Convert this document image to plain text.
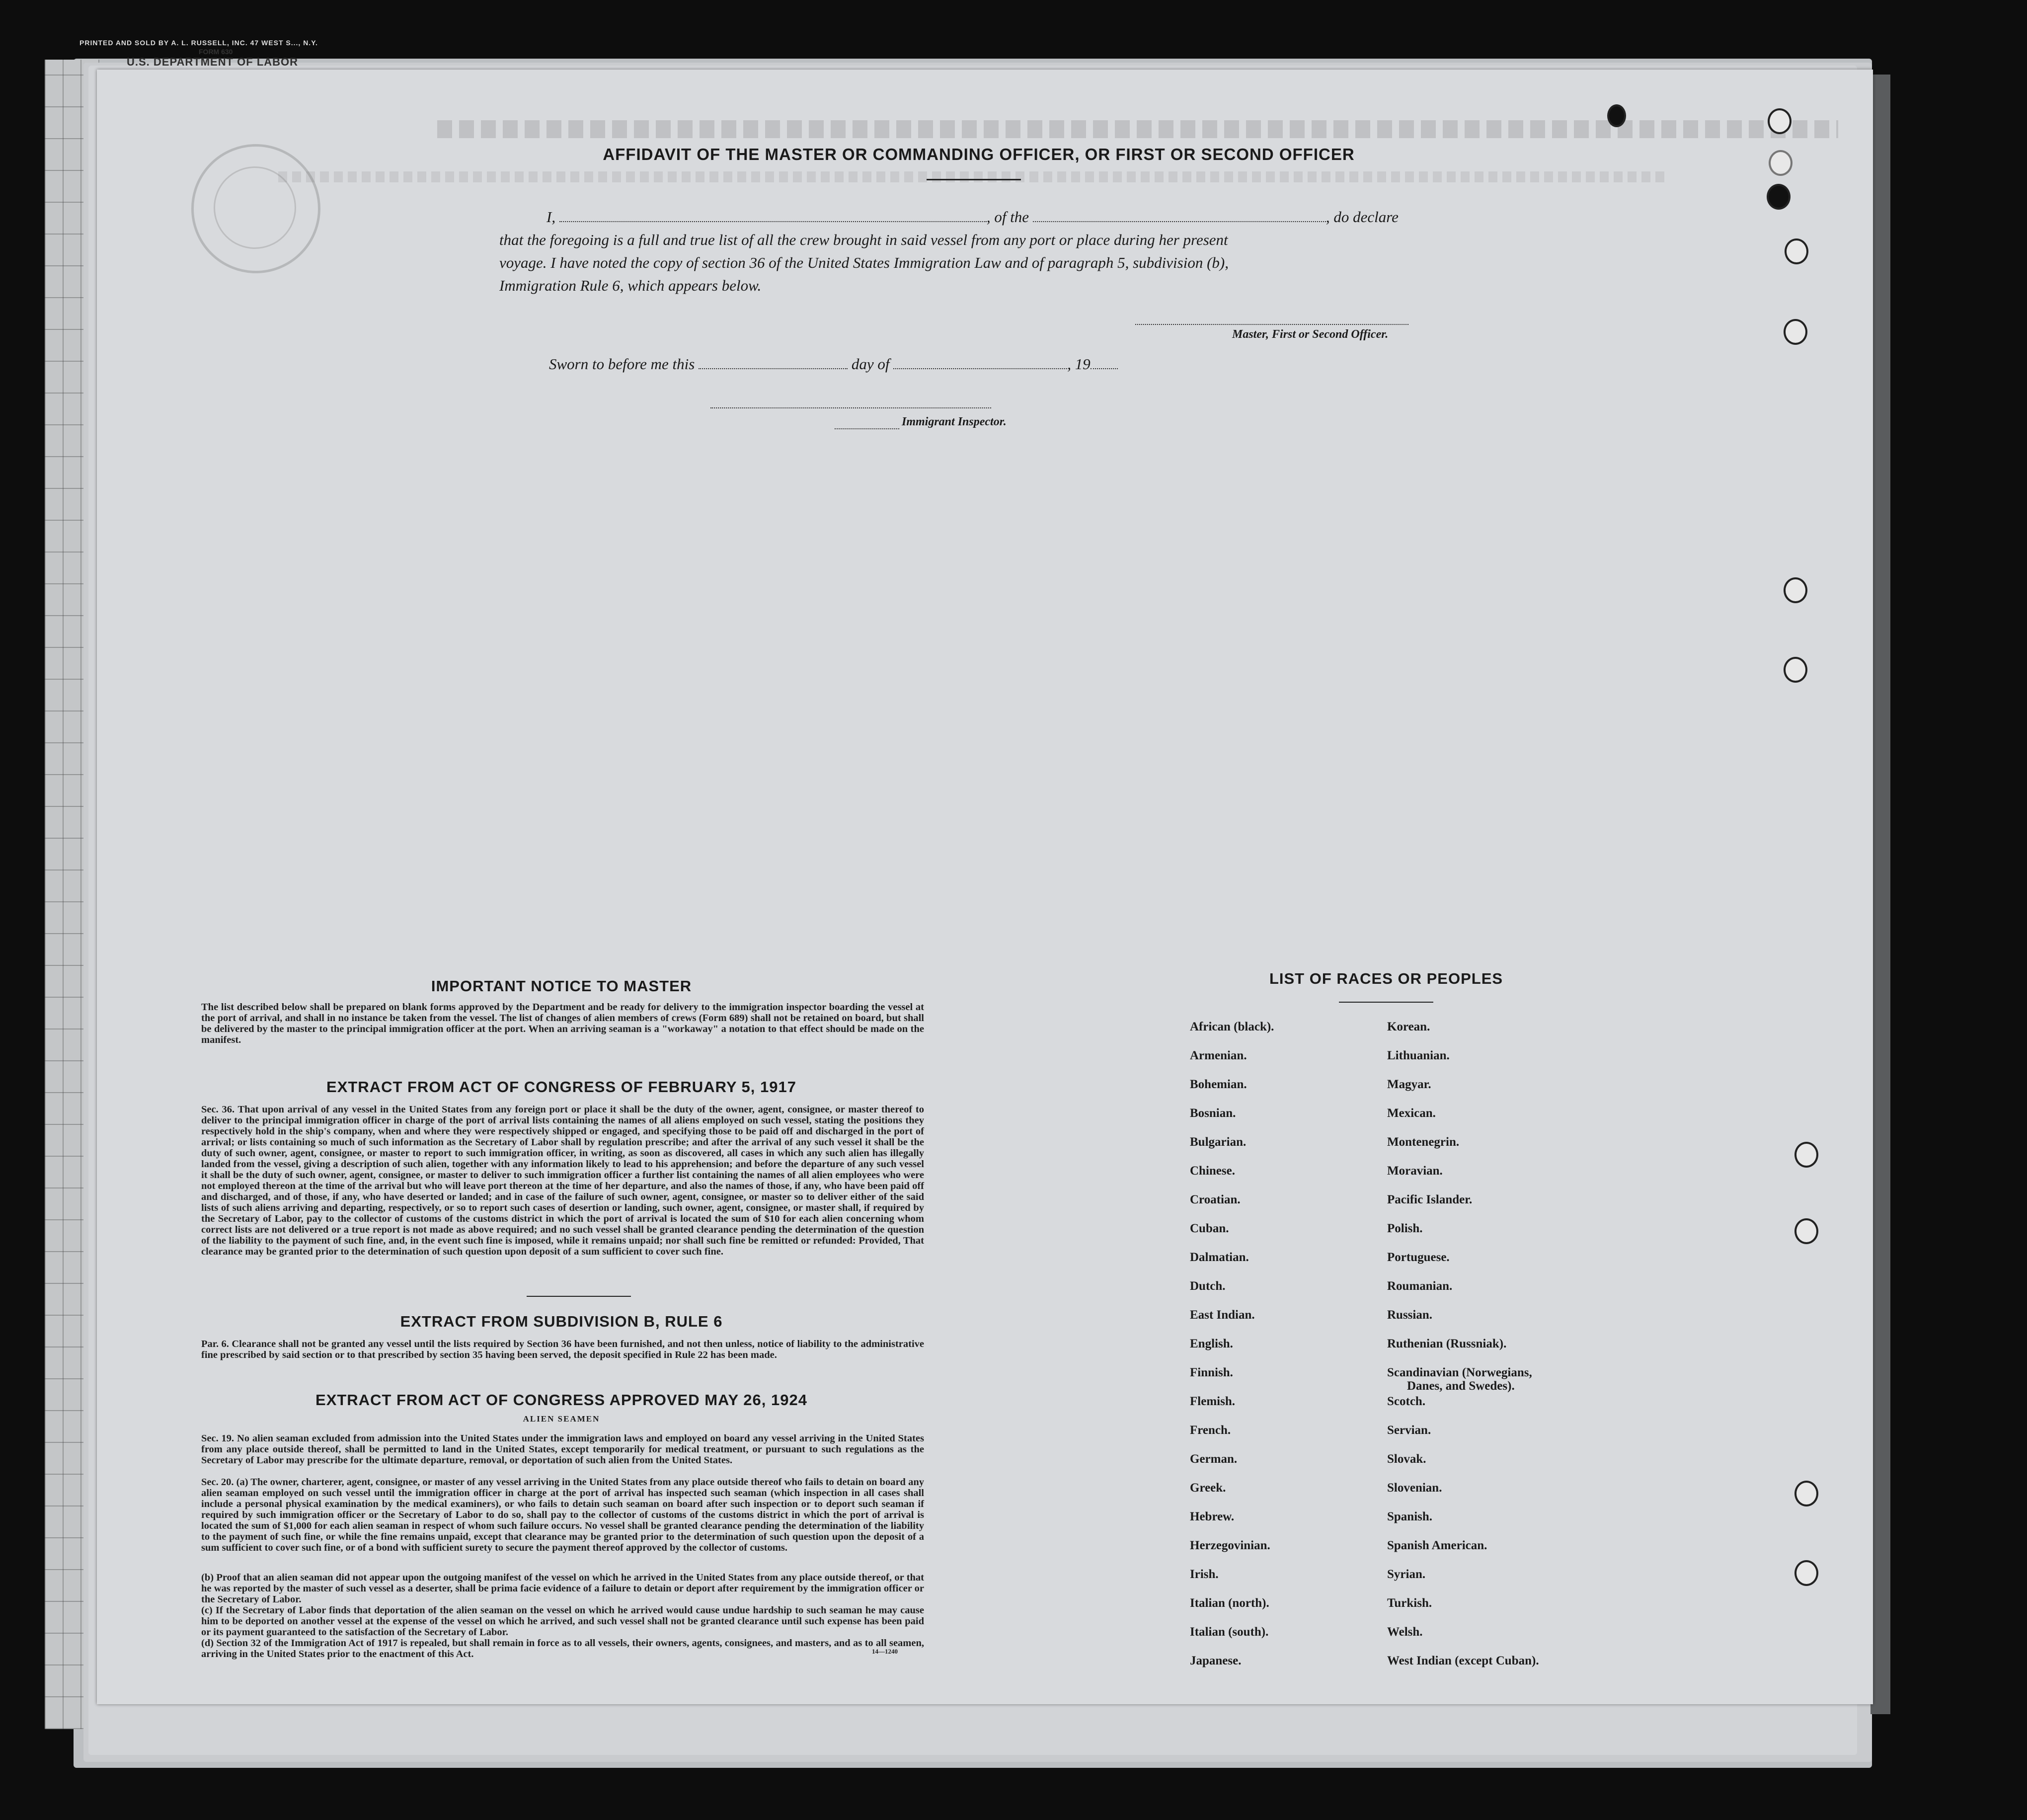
PRINTED AND SOLD BY A. L. RUSSELL, INC. 47 WEST S..., N.Y.
FORM 630
U.S. DEPARTMENT OF LABOR
AFFIDAVIT OF THE MASTER OR COMMANDING OFFICER, OR FIRST OR SECOND OFFICER
I,	, of the	, do declare
that the foregoing is a full and true list of all the crew brought in said vessel from any port or place during her present
voyage. I have noted the copy of section 36 of the United States Immigration Law and of paragraph 5, subdivision (b),
Immigration Rule 6, which appears below.
Master, First or Second Officer.
Sworn to before me this	day of	, 19
Immigrant Inspector.
IMPORTANT NOTICE TO MASTER
The list described below shall be prepared on blank forms approved by the Department and be ready for delivery to the immigration inspector boarding the vessel at the port of arrival, and shall in no instance be taken from the vessel. The list of changes of alien members of crews (Form 689) shall not be retained on board, but shall be delivered by the master to the principal immigration officer at the port. When an arriving seaman is a "workaway" a notation to that effect should be made on the manifest.
EXTRACT FROM ACT OF CONGRESS OF FEBRUARY 5, 1917
Sec. 36. That upon arrival of any vessel in the United States from any foreign port or place it shall be the duty of the owner, agent, consignee, or master thereof to deliver to the principal immigration officer in charge of the port of arrival lists containing the names of all aliens employed on such vessel, stating the positions they respectively hold in the ship's company, when and where they were respectively shipped or engaged, and specifying those to be paid off and discharged in the port of arrival; or lists containing so much of such information as the Secretary of Labor shall by regulation prescribe; and after the arrival of any such vessel it shall be the duty of such owner, agent, consignee, or master to report to such immigration officer, in writing, as soon as discovered, all cases in which any such alien has illegally landed from the vessel, giving a description of such alien, together with any information likely to lead to his apprehension; and before the departure of any such vessel it shall be the duty of such owner, agent, consignee, or master to deliver to such immigration officer a further list containing the names of all alien employees who were not employed thereon at the time of the arrival but who will leave port thereon at the time of her departure, and also the names of those, if any, who have been paid off and discharged, and of those, if any, who have deserted or landed; and in case of the failure of such owner, agent, consignee, or master so to deliver either of the said lists of such aliens arriving and departing, respectively, or so to report such cases of desertion or landing, such owner, agent, consignee, or master shall, if required by the Secretary of Labor, pay to the collector of customs of the customs district in which the port of arrival is located the sum of $10 for each alien concerning whom correct lists are not delivered or a true report is not made as above required; and no such vessel shall be granted clearance pending the determination of the question of the liability to the payment of such fine, and, in the event such fine is imposed, while it remains unpaid; nor shall such fine be remitted or refunded: Provided, That clearance may be granted prior to the determination of such question upon deposit of a sum sufficient to cover such fine.
EXTRACT FROM SUBDIVISION B, RULE 6
Par. 6. Clearance shall not be granted any vessel until the lists required by Section 36 have been furnished, and not then unless, notice of liability to the administrative fine prescribed by said section or to that prescribed by section 35 having been served, the deposit specified in Rule 22 has been made.
EXTRACT FROM ACT OF CONGRESS APPROVED MAY 26, 1924
ALIEN SEAMEN
Sec. 19. No alien seaman excluded from admission into the United States under the immigration laws and employed on board any vessel arriving in the United States from any place outside thereof, shall be permitted to land in the United States, except temporarily for medical treatment, or pursuant to such regulations as the Secretary of Labor may prescribe for the ultimate departure, removal, or deportation of such alien from the United States.
Sec. 20. (a) The owner, charterer, agent, consignee, or master of any vessel arriving in the United States from any place outside thereof who fails to detain on board any alien seaman employed on such vessel until the immigration officer in charge at the port of arrival has inspected such seaman (which inspection in all cases shall include a personal physical examination by the medical examiners), or who fails to detain such seaman on board after such inspection or to deport such seaman if required by such immigration officer or the Secretary of Labor to do so, shall pay to the collector of customs of the customs district in which the port of arrival is located the sum of $1,000 for each alien seaman in respect of whom such failure occurs. No vessel shall be granted clearance pending the determination of the liability to the payment of such fine, or while the fine remains unpaid, except that clearance may be granted prior to the determination of such question upon the deposit of a sum sufficient to cover such fine, or of a bond with sufficient surety to secure the payment thereof approved by the collector of customs.
(b) Proof that an alien seaman did not appear upon the outgoing manifest of the vessel on which he arrived in the United States from any place outside thereof, or that he was reported by the master of such vessel as a deserter, shall be prima facie evidence of a failure to detain or deport after requirement by the immigration officer or the Secretary of Labor.
(c) If the Secretary of Labor finds that deportation of the alien seaman on the vessel on which he arrived would cause undue hardship to such seaman he may cause him to be deported on another vessel at the expense of the vessel on which he arrived, and such vessel shall not be granted clearance until such expense has been paid or its payment guaranteed to the satisfaction of the Secretary of Labor.
(d) Section 32 of the Immigration Act of 1917 is repealed, but shall remain in force as to all vessels, their owners, agents, consignees, and masters, and as to all seamen, arriving in the United States prior to the enactment of this Act.	14—1240
LIST OF RACES OR PEOPLES
African (black).
Armenian.
Bohemian.
Bosnian.
Bulgarian.
Chinese.
Croatian.
Cuban.
Dalmatian.
Dutch.
East Indian.
English.
Finnish.
Flemish.
French.
German.
Greek.
Hebrew.
Herzegovinian.
Irish.
Italian (north).
Italian (south).
Japanese.
Korean.
Lithuanian.
Magyar.
Mexican.
Montenegrin.
Moravian.
Pacific Islander.
Polish.
Portuguese.
Roumanian.
Russian.
Ruthenian (Russniak).
Scandinavian (Norwegians,
Danes, and Swedes).
Scotch.
Servian.
Slovak.
Slovenian.
Spanish.
Spanish American.
Syrian.
Turkish.
Welsh.
West Indian (except Cuban).
